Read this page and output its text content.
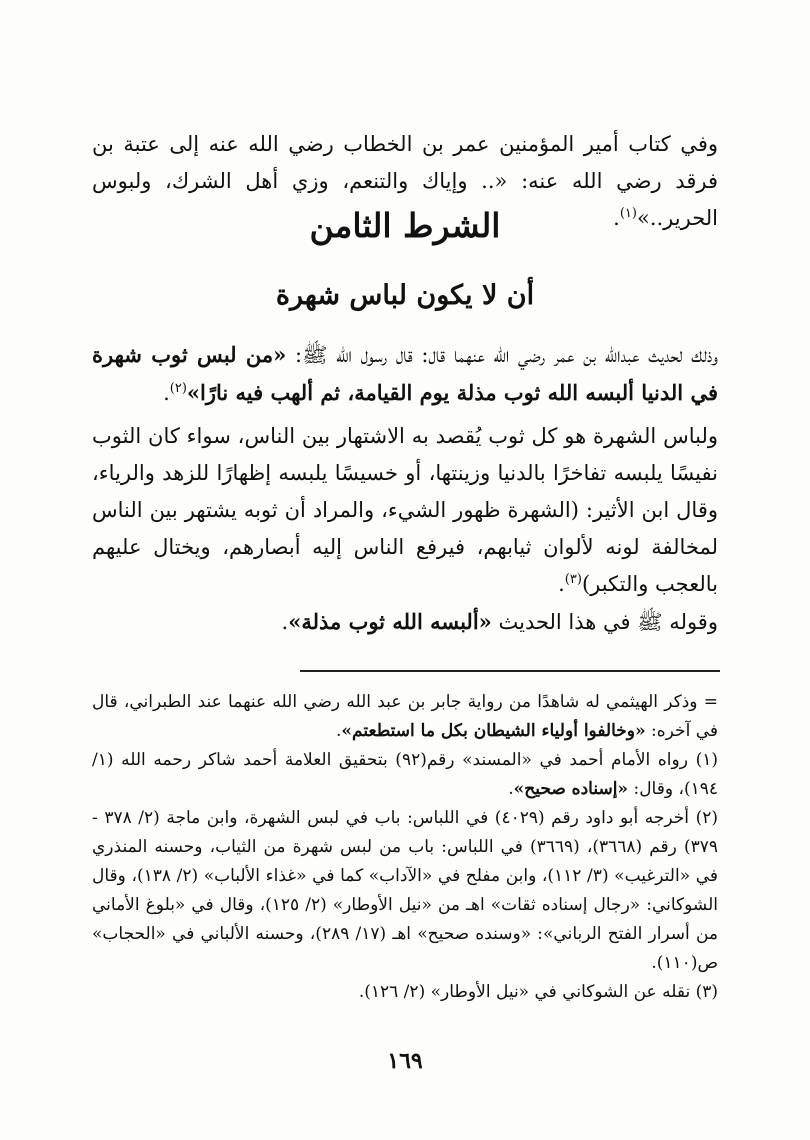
وفي كتاب أمير المؤمنين عمر بن الخطاب رضي الله عنه إلى عتبة بن فرقد رضي الله عنه: «.. وإياك والتنعم، وزي أهل الشرك، ولبوس الحرير..»$^{(١)}$.

الشرط الثامن
أن لا يكون لباس شهرة

وذلك لحديث عبدالله بن عمر رضي الله عنهما قال: قال رسول الله ﷺ: «من لبس ثوب شهرة في الدنيا ألبسه الله ثوب مذلة يوم القيامة، ثم ألهب فيه نارًا»$^{(٢)}$.

ولباس الشهرة هو كل ثوب يُقصد به الاشتهار بين الناس، سواء كان الثوب نفيسًا يلبسه تفاخرًا بالدنيا وزينتها، أو خسيسًا يلبسه إظهارًا للزهد والرياء، وقال ابن الأثير: (الشهرة ظهور الشيء، والمراد أن ثوبه يشتهر بين الناس لمخالفة لونه لألوان ثيابهم، فيرفع الناس إليه أبصارهم، ويختال عليهم بالعجب والتكبر)$^{(٣)}$.

وقوله ﷺ في هذا الحديث «ألبسه الله ثوب مذلة».

= وذكر الهيثمي له شاهدًا من رواية جابر بن عبد الله رضي الله عنهما عند الطبراني، قال في آخره: «وخالفوا أولياء الشيطان بكل ما استطعتم».

(١) رواه الأمام أحمد في «المسند» رقم(٩٢) بتحقيق العلامة أحمد شاكر رحمه الله (١/ ١٩٤)، وقال: «إسناده صحيح».

(٢) أخرجه أبو داود رقم (٤٠٢٩) في اللباس: باب في لبس الشهرة، وابن ماجة (٢/ ٣٧٨ - ٣٧٩) رقم (٣٦٦٨)، (٣٦٦٩) في اللباس: باب من لبس شهرة من الثياب، وحسنه المنذري في «الترغيب» (٣/ ١١٢)، وابن مفلح في «الآداب» كما في «غذاء الألباب» (٢/ ١٣٨)، وقال الشوكاني: «رجال إسناده ثقات» اهـ من «نيل الأوطار» (٢/ ١٢٥)، وقال في «بلوغ الأماني من أسرار الفتح الرباني»: «وسنده صحيح» اهـ (١٧/ ٢٨٩)، وحسنه الألباني في «الحجاب» ص(١١٠).

(٣) نقله عن الشوكاني في «نيل الأوطار» (٢/ ١٢٦).

١٦٩
